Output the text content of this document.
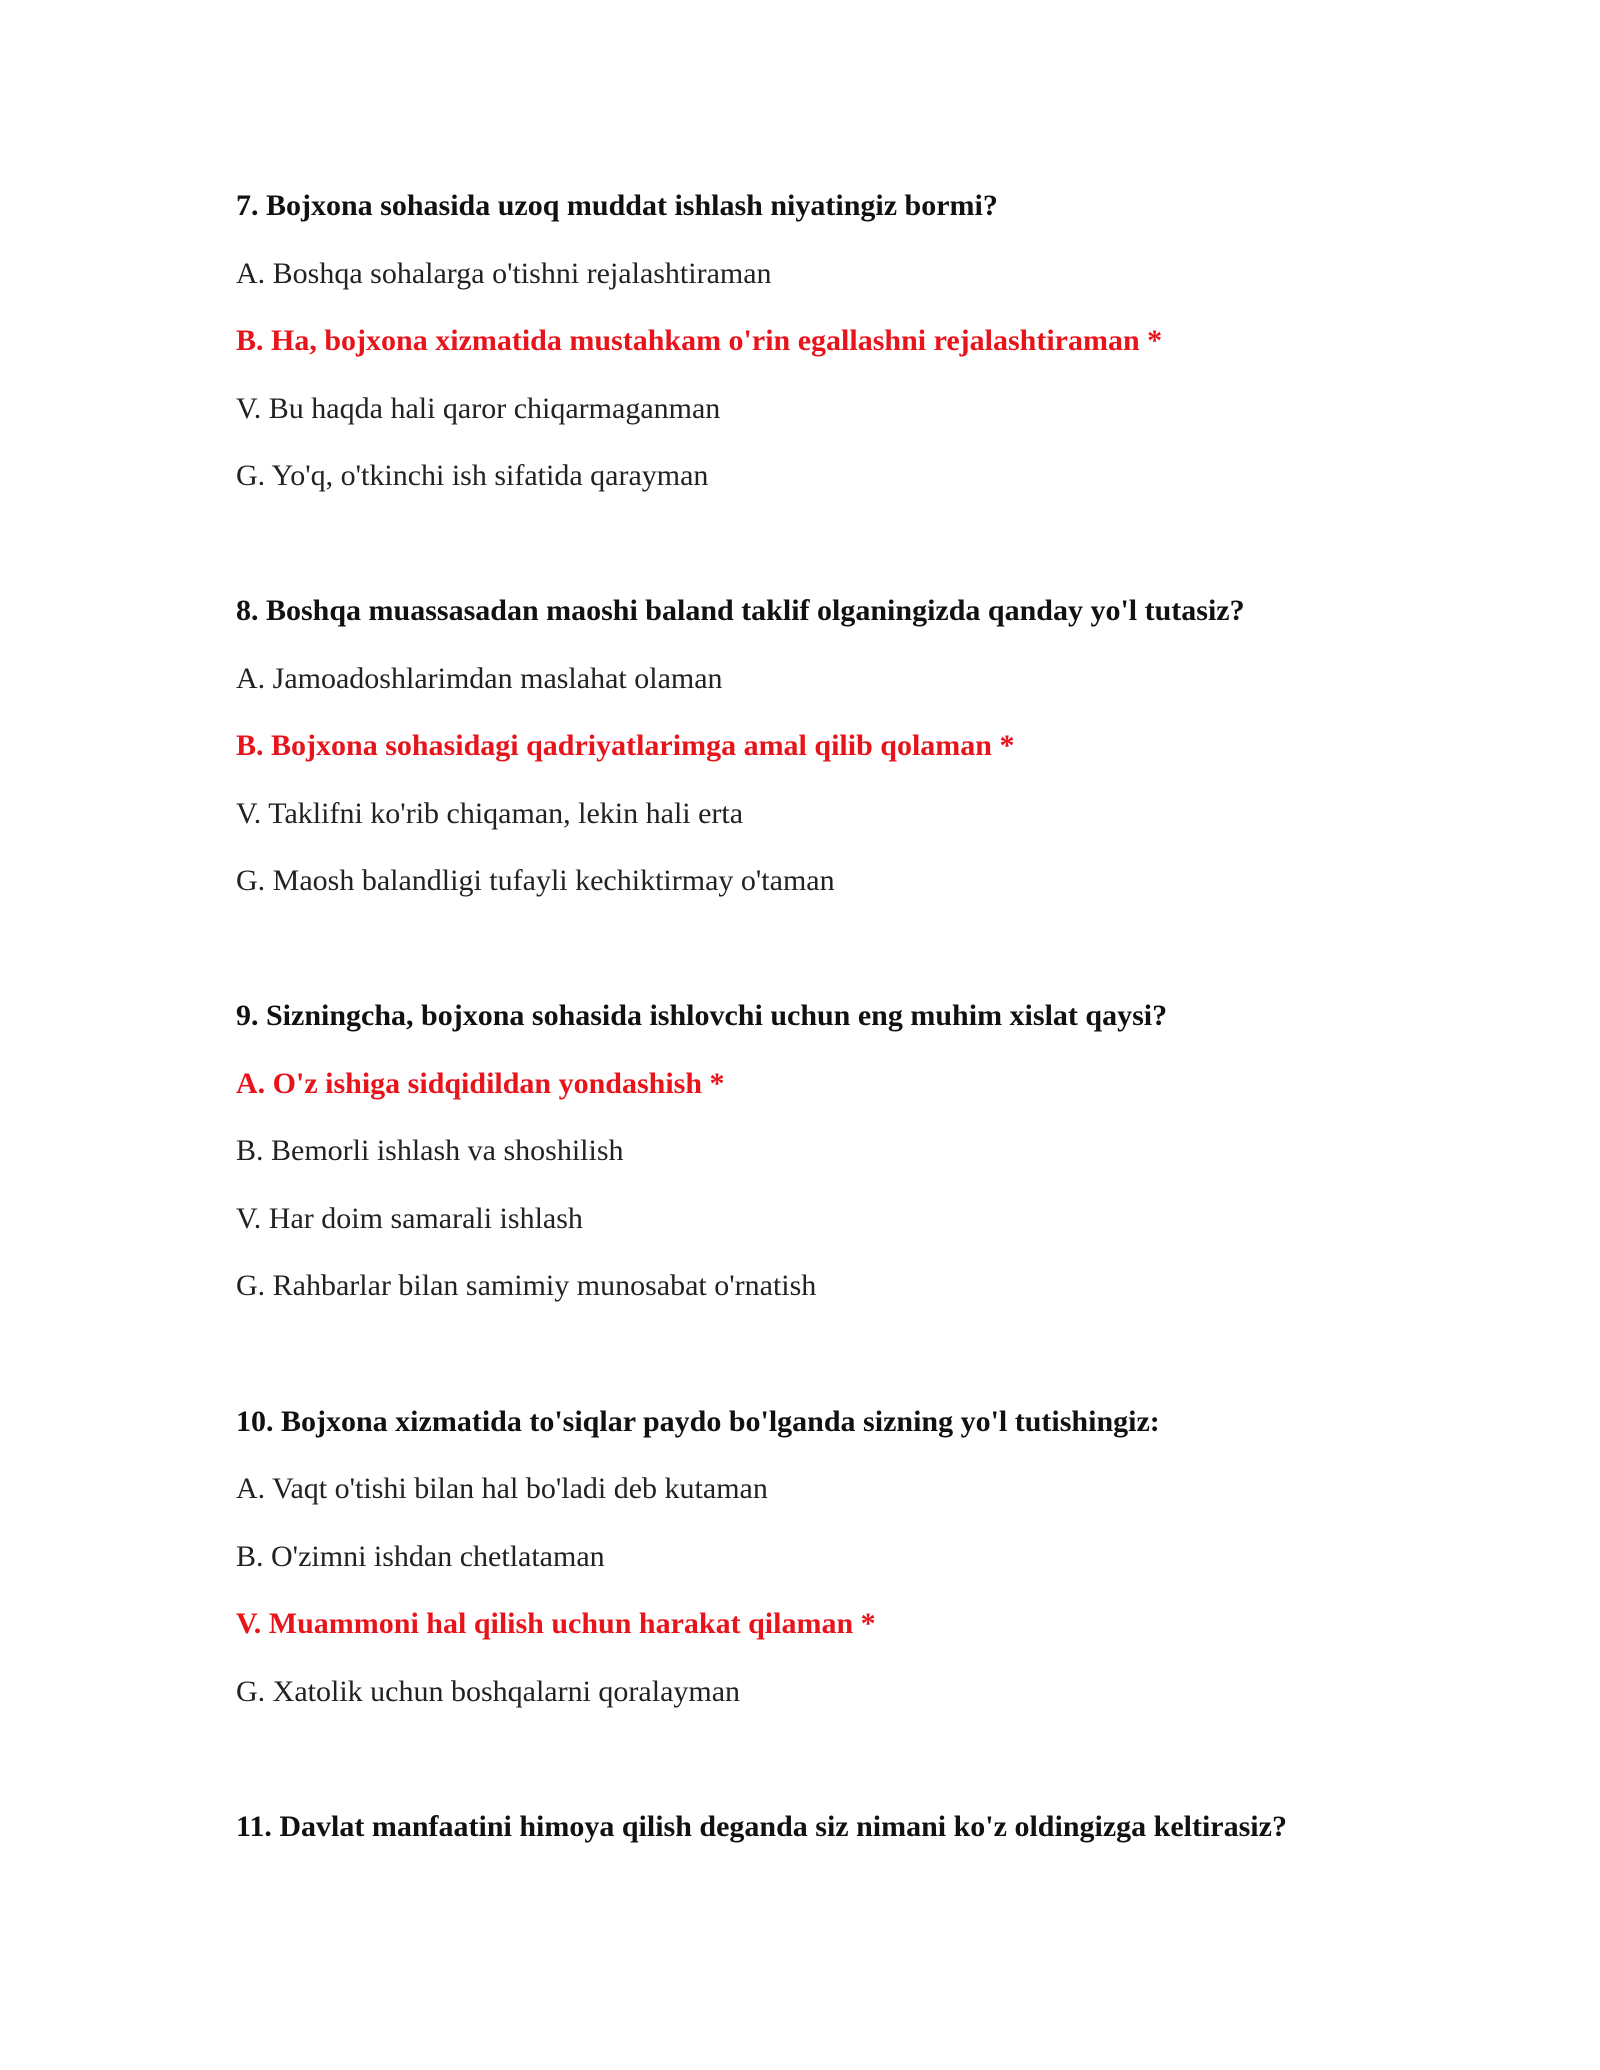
7. Bojxona sohasida uzoq muddat ishlash niyatingiz bormi?

A. Boshqa sohalarga o'tishni rejalashtiraman

B. Ha, bojxona xizmatida mustahkam o'rin egallashni rejalashtiraman *

V. Bu haqda hali qaror chiqarmaganman

G. Yo'q, o'tkinchi ish sifatida qarayman

8. Boshqa muassasadan maoshi baland taklif olganingizda qanday yo'l tutasiz?

A. Jamoadoshlarimdan maslahat olaman

B. Bojxona sohasidagi qadriyatlarimga amal qilib qolaman *

V. Taklifni ko'rib chiqaman, lekin hali erta

G. Maosh balandligi tufayli kechiktirmay o'taman

9. Sizningcha, bojxona sohasida ishlovchi uchun eng muhim xislat qaysi?

A. O'z ishiga sidqidildan yondashish *

B. Bemorli ishlash va shoshilish

V. Har doim samarali ishlash

G. Rahbarlar bilan samimiy munosabat o'rnatish

10. Bojxona xizmatida to'siqlar paydo bo'lganda sizning yo'l tutishingiz:

A. Vaqt o'tishi bilan hal bo'ladi deb kutaman

B. O'zimni ishdan chetlataman

V. Muammoni hal qilish uchun harakat qilaman *

G. Xatolik uchun boshqalarni qoralayman

11. Davlat manfaatini himoya qilish deganda siz nimani ko'z oldingizga keltirasiz?
